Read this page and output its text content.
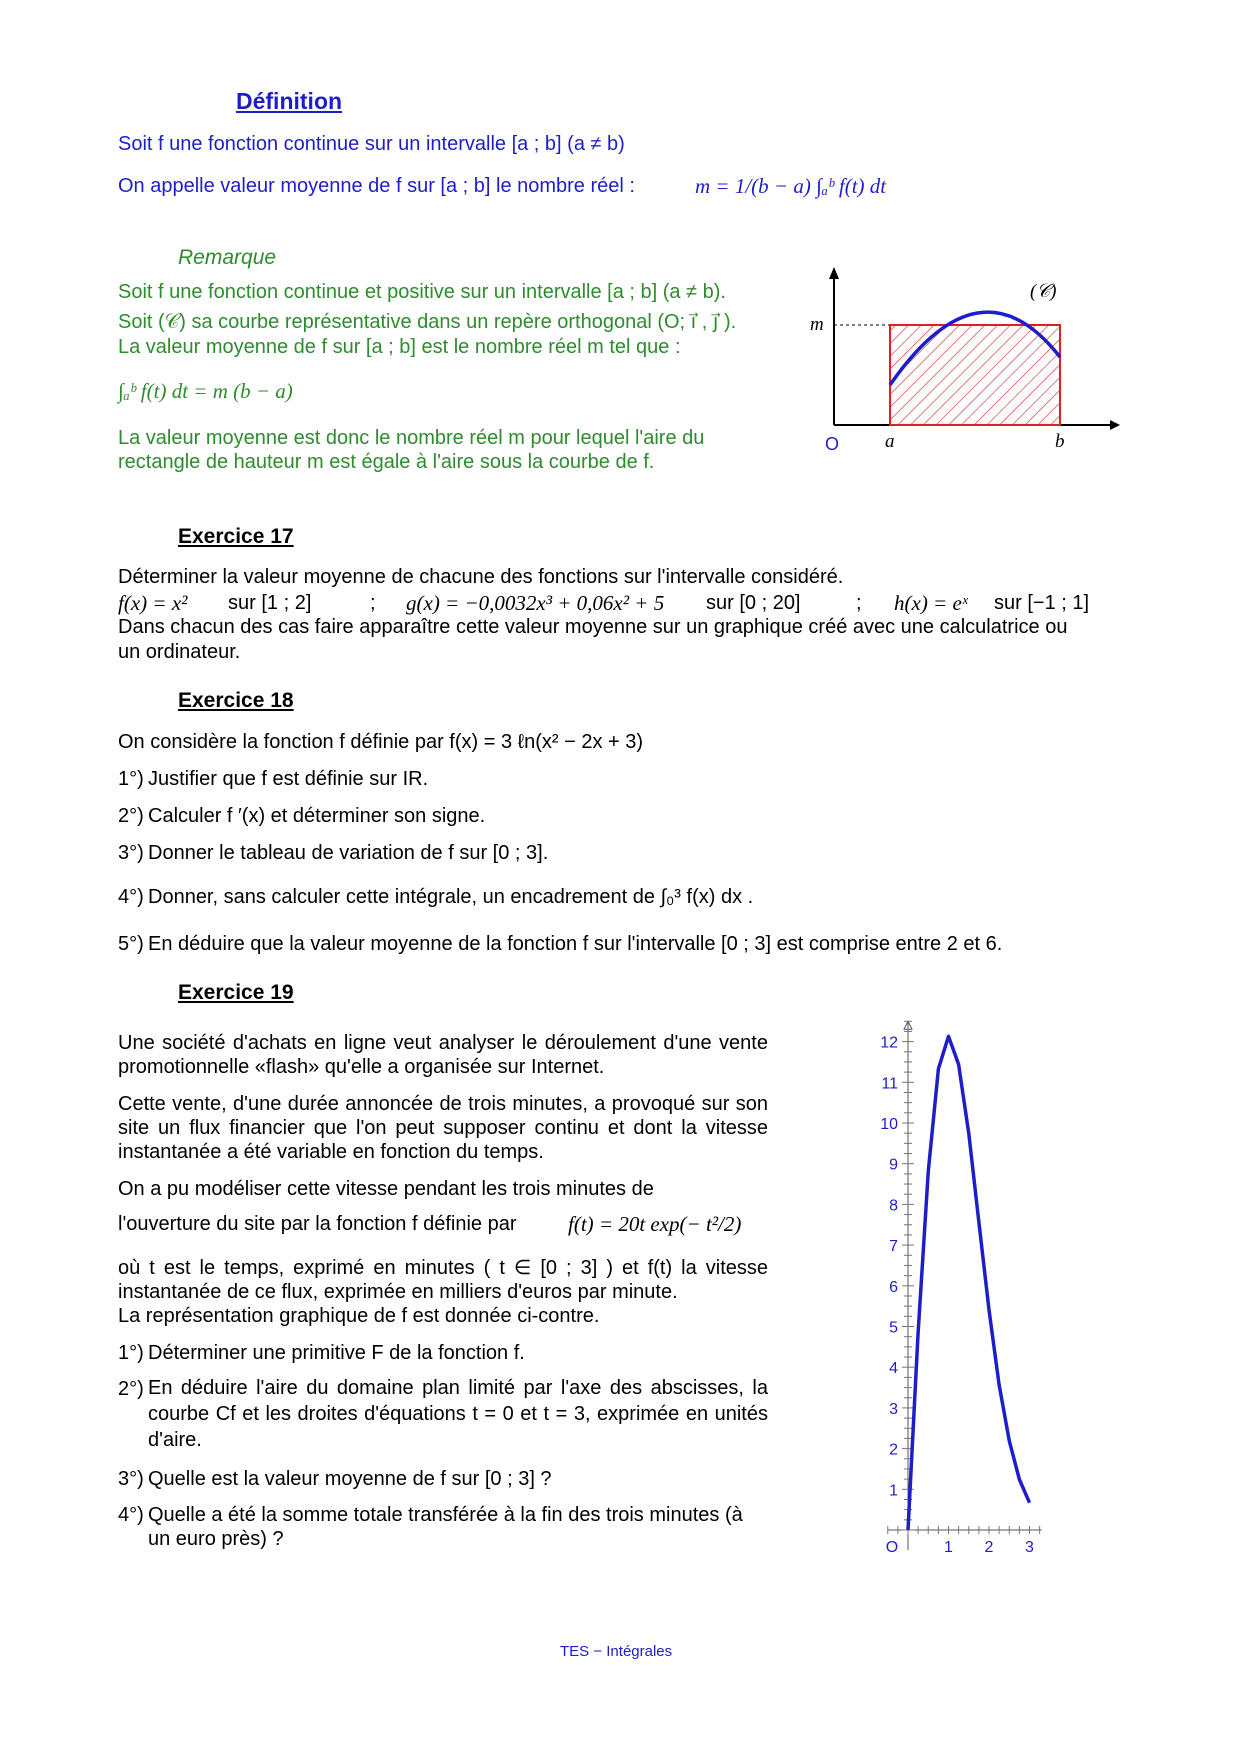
Définition
Soit f une fonction continue sur un intervalle [a ; b] (a ≠ b)
On appelle valeur moyenne de f sur [a ; b] le nombre réel :	m = 1/(b − a) ∫ₐᵇ f(t) dt
Remarque
Soit f une fonction continue et positive sur un intervalle [a ; b] (a ≠ b).
Soit (𝒞) sa courbe représentative dans un repère orthogonal (O; i⃗ , j⃗ ).
La valeur moyenne de f sur [a ; b] est le nombre réel m tel que :
∫ₐᵇ f(t) dt = m (b − a)
La valeur moyenne est donc le nombre réel m pour lequel l'aire du
rectangle de hauteur m est égale à l'aire sous la courbe de f.
(𝒞)
m
O a	b
Exercice 17
Déterminer la valeur moyenne de chacune des fonctions sur l'intervalle considéré.
f(x) = x² sur [1 ; 2]	; g(x) = −0,0032x³ + 0,06x² + 5 sur [0 ; 20]	; h(x) = eˣ sur [−1 ; 1]
Dans chacun des cas faire apparaître cette valeur moyenne sur un graphique créé avec une calculatrice ou
un ordinateur.
Exercice 18
On considère la fonction f définie par f(x) = 3 ℓn(x² − 2x + 3)
1°) Justifier que f est définie sur IR.
2°) Calculer f ′(x) et déterminer son signe.
3°) Donner le tableau de variation de f sur [0 ; 3].
4°) Donner, sans calculer cette intégrale, un encadrement de ∫₀³ f(x) dx .
5°) En déduire que la valeur moyenne de la fonction f sur l'intervalle [0 ; 3] est comprise entre 2 et 6.
Exercice 19
Une société d'achats en ligne veut analyser le déroulement d'une vente promotionnelle «flash» qu'elle a organisée sur Internet.
Cette vente, d'une durée annoncée de trois minutes, a provoqué sur son site un flux financier que l'on peut supposer continu et dont la vitesse instantanée a été variable en fonction du temps.
On a pu modéliser cette vitesse pendant les trois minutes de
l'ouverture du site par la fonction f définie par f(t) = 20t exp(− t²/2)
où t est le temps, exprimé en minutes ( t ∈ [0 ; 3] ) et f(t) la vitesse instantanée de ce flux, exprimée en milliers d'euros par minute.
La représentation graphique de f est donnée ci-contre.
1°) Déterminer une primitive F de la fonction f.
2°) En déduire l'aire du domaine plan limité par l'axe des abscisses, la courbe Cf et les droites d'équations t = 0 et t = 3, exprimée en unités d'aire.
3°) Quelle est la valeur moyenne de f sur [0 ; 3] ?
4°) Quelle a été la somme totale transférée à la fin des trois minutes (à un euro près) ?
1
2
3
4
5
6
7
8
9
10
11
12
O	1 2 3
TES − Intégrales
